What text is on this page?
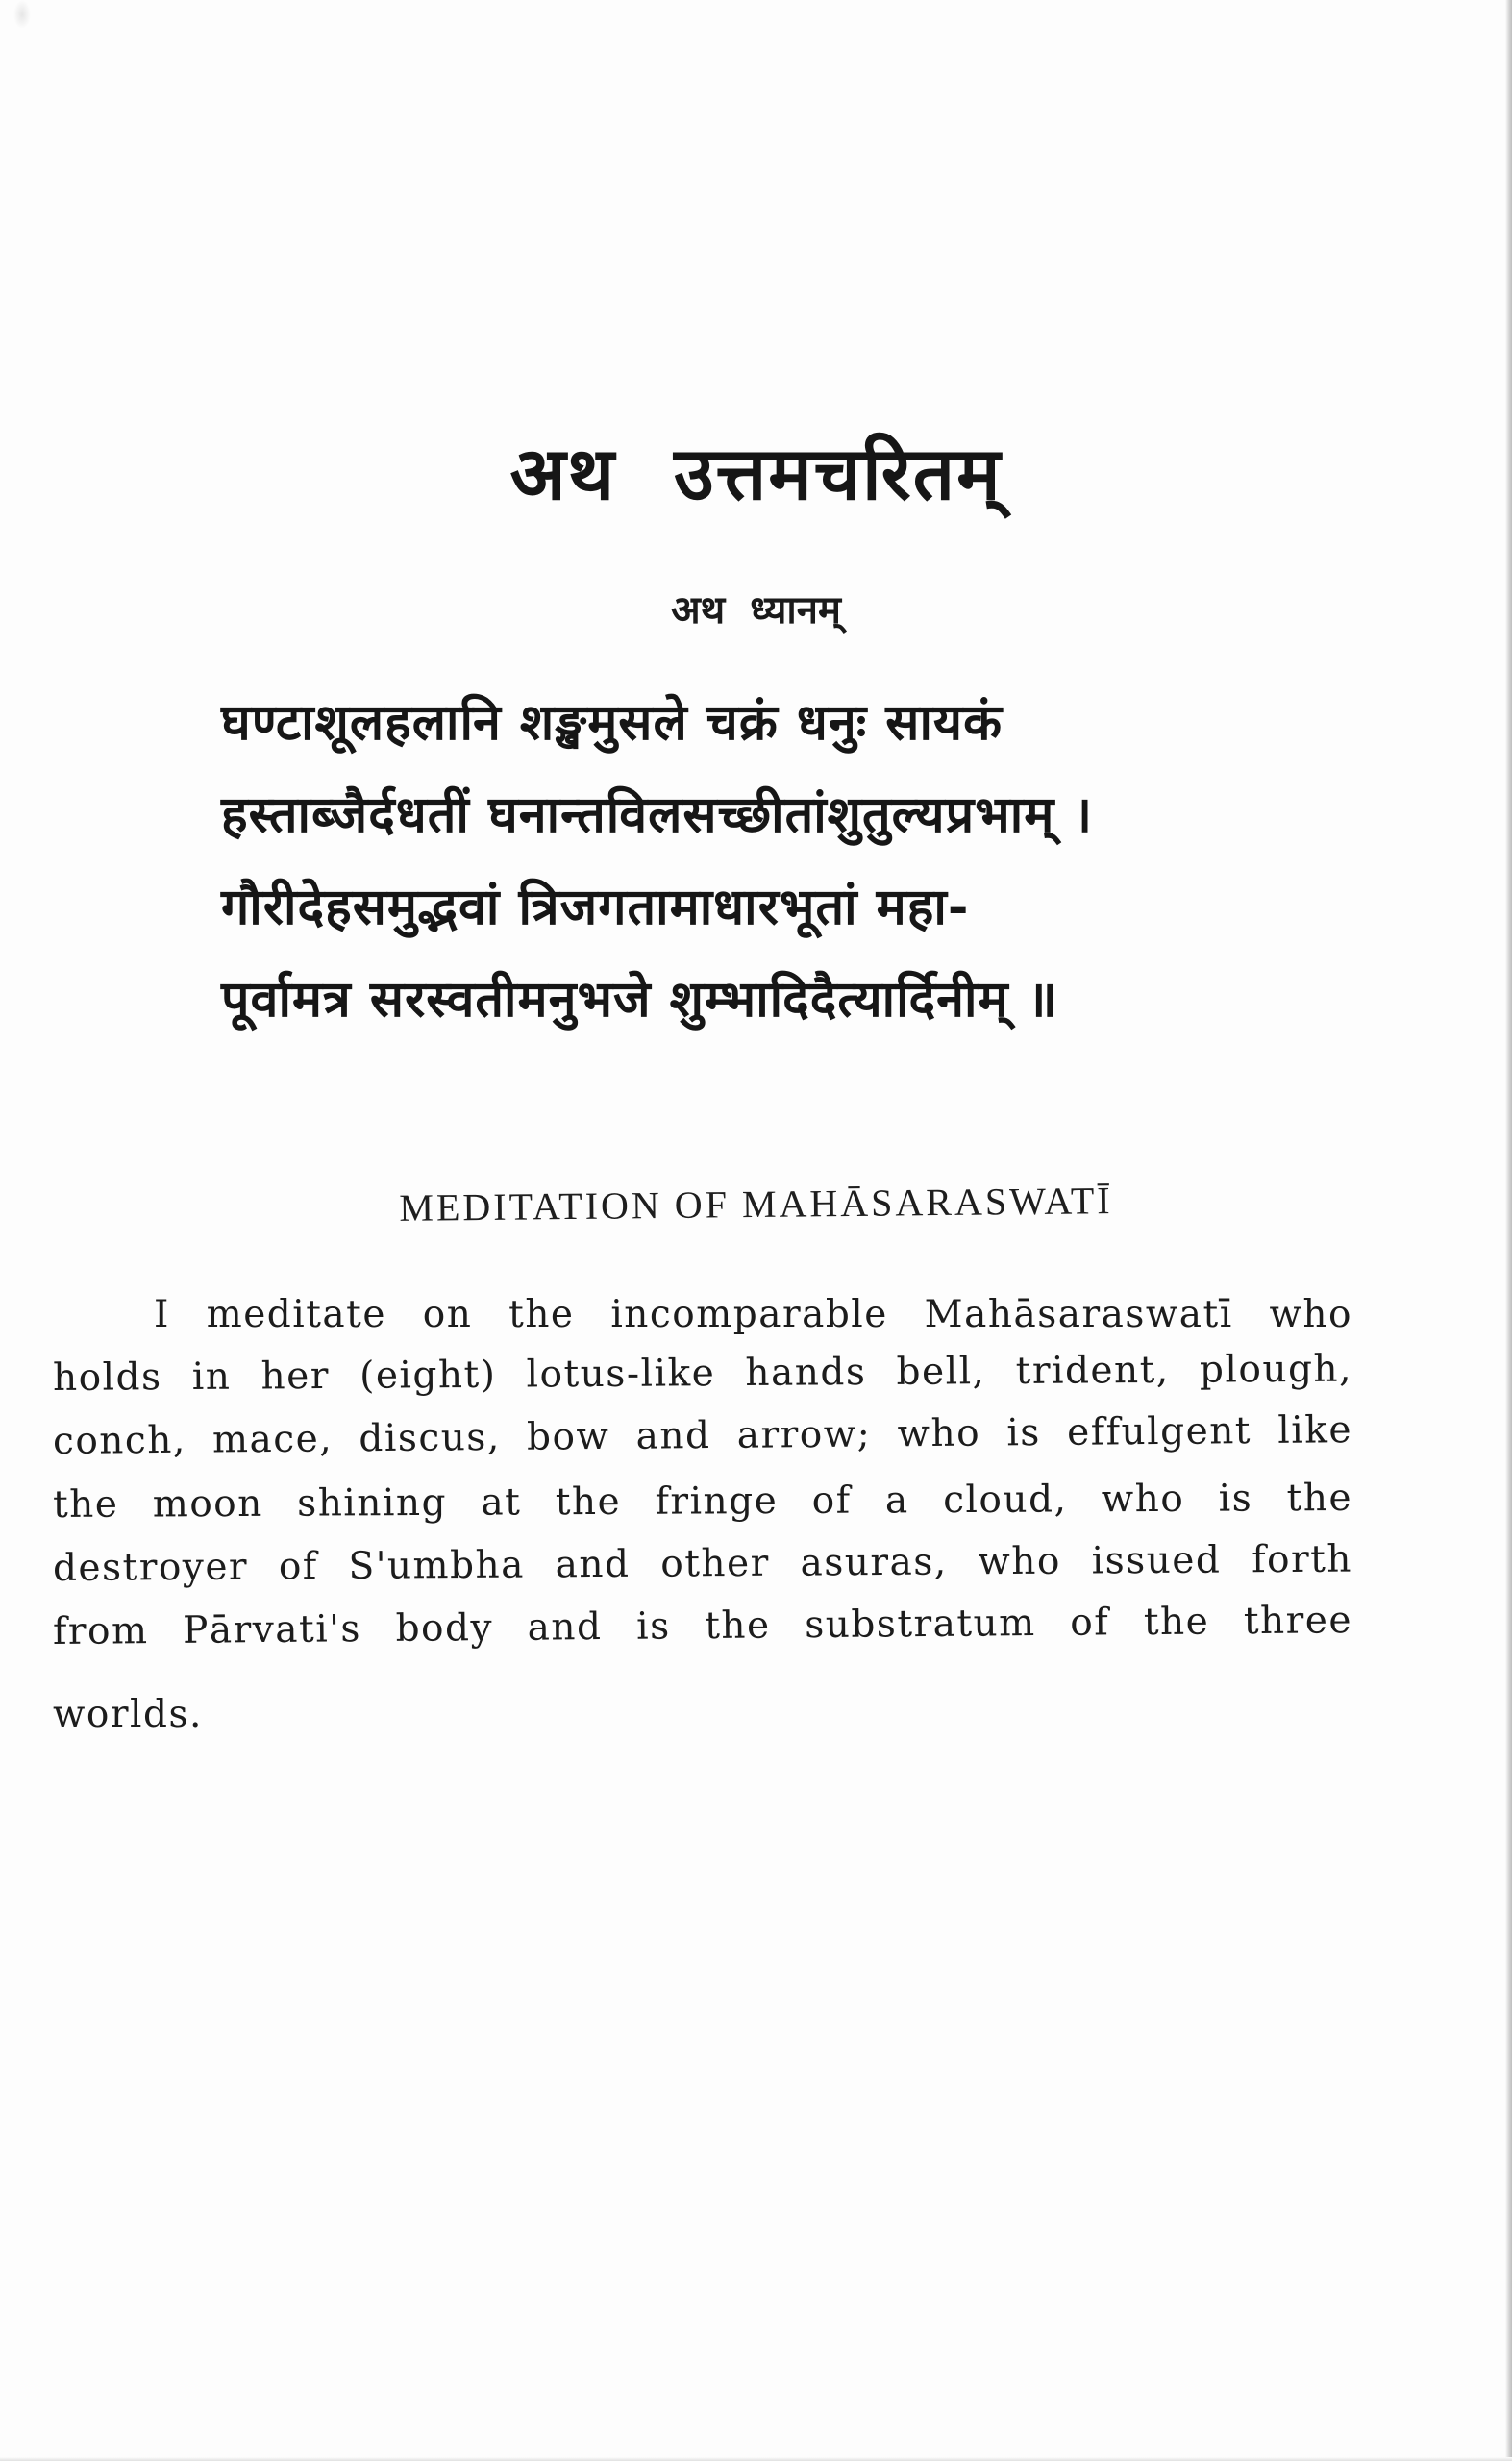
अथ उत्तमचरितम्
अथ ध्यानम्
घण्टाशूलहलानि शङ्खमुसले चक्रं धनुः सायकं
हस्ताब्जैर्दधतीं घनान्तविलसच्छीतांशुतुल्यप्रभाम् ।
गौरीदेहसमुद्भवां त्रिजगतामाधारभूतां महा-
पूर्वामत्र सरस्वतीमनुभजे शुम्भादिदैत्यार्दिनीम् ॥
MEDITATION OF MAHĀSARASWATĪ
I meditate on the incomparable Mahāsaraswatī who
holds in her (eight) lotus-like hands bell, trident, plough,
conch, mace, discus, bow and arrow; who is effulgent like
the moon shining at the fringe of a cloud, who is the
destroyer of S'umbha and other asuras, who issued forth
from Pārvati's body and is the substratum of the three
worlds.
